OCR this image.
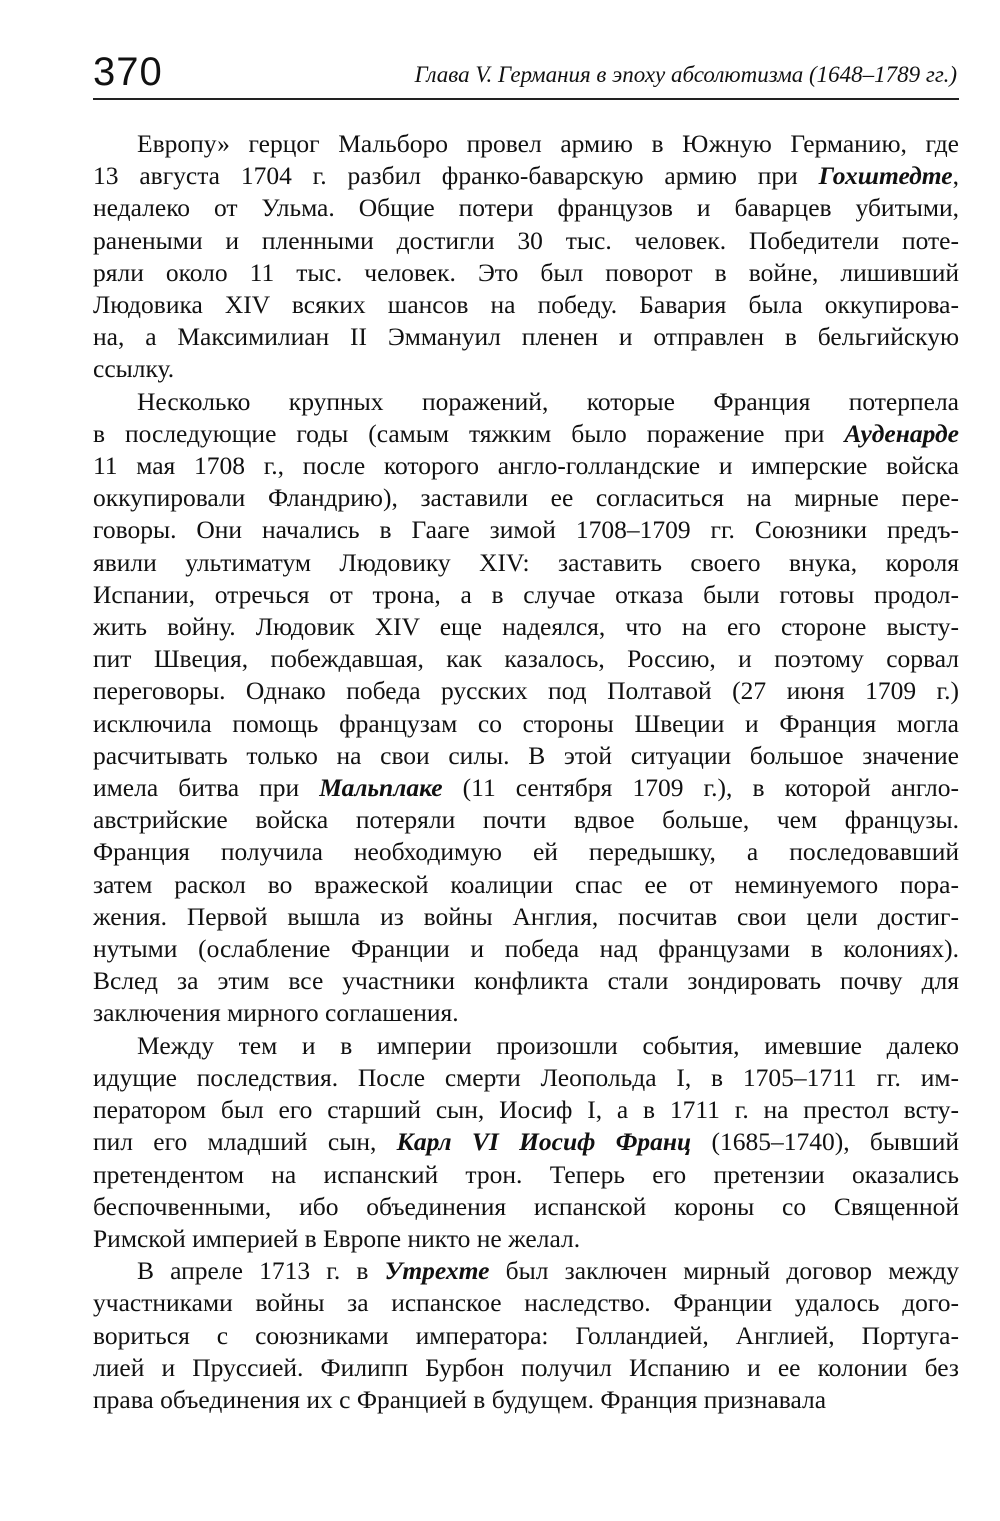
370	Глава V. Германия в эпоху абсолютизма (1648–1789 гг.)
Европу» герцог Мальборо провел армию в Южную Германию, где
13 августа 1704 г. разбил франко-баварскую армию при Гохштедте,
недалеко от Ульма. Общие потери французов и баварцев убитыми,
ранеными и пленными достигли 30 тыс. человек. Победители поте-
ряли около 11 тыс. человек. Это был поворот в войне, лишивший
Людовика XIV всяких шансов на победу. Бавария была оккупирова-
на, а Максимилиан II Эммануил пленен и отправлен в бельгийскую
ссылку.
Несколько крупных поражений, которые Франция потерпела
в последующие годы (самым тяжким было поражение при Ауденарде
11 мая 1708 г., после которого англо-голландские и имперские войска
оккупировали Фландрию), заставили ее согласиться на мирные пере-
говоры. Они начались в Гааге зимой 1708–1709 гг. Союзники предъ-
явили ультиматум Людовику XIV: заставить своего внука, короля
Испании, отречься от трона, а в случае отказа были готовы продол-
жить войну. Людовик XIV еще надеялся, что на его стороне высту-
пит Швеция, побеждавшая, как казалось, Россию, и поэтому сорвал
переговоры. Однако победа русских под Полтавой (27 июня 1709 г.)
исключила помощь французам со стороны Швеции и Франция могла
расчитывать только на свои силы. В этой ситуации большое значение
имела битва при Мальплаке (11 сентября 1709 г.), в которой англо-
австрийские войска потеряли почти вдвое больше, чем французы.
Франция получила необходимую ей передышку, а последовавший
затем раскол во вражеской коалиции спас ее от неминуемого пора-
жения. Первой вышла из войны Англия, посчитав свои цели достиг-
нутыми (ослабление Франции и победа над французами в колониях).
Вслед за этим все участники конфликта стали зондировать почву для
заключения мирного соглашения.
Между тем и в империи произошли события, имевшие далеко
идущие последствия. После смерти Леопольда I, в 1705–1711 гг. им-
ператором был его старший сын, Иосиф I, а в 1711 г. на престол всту-
пил его младший сын, Карл VI Иосиф Франц (1685–1740), бывший
претендентом на испанский трон. Теперь его претензии оказались
беспочвенными, ибо объединения испанской короны со Священной
Римской империей в Европе никто не желал.
В апреле 1713 г. в Утрехте был заключен мирный договор между
участниками войны за испанское наследство. Франции удалось дого-
вориться с союзниками императора: Голландией, Англией, Португа-
лией и Пруссией. Филипп Бурбон получил Испанию и ее колонии без
права объединения их с Францией в будущем. Франция признавала
